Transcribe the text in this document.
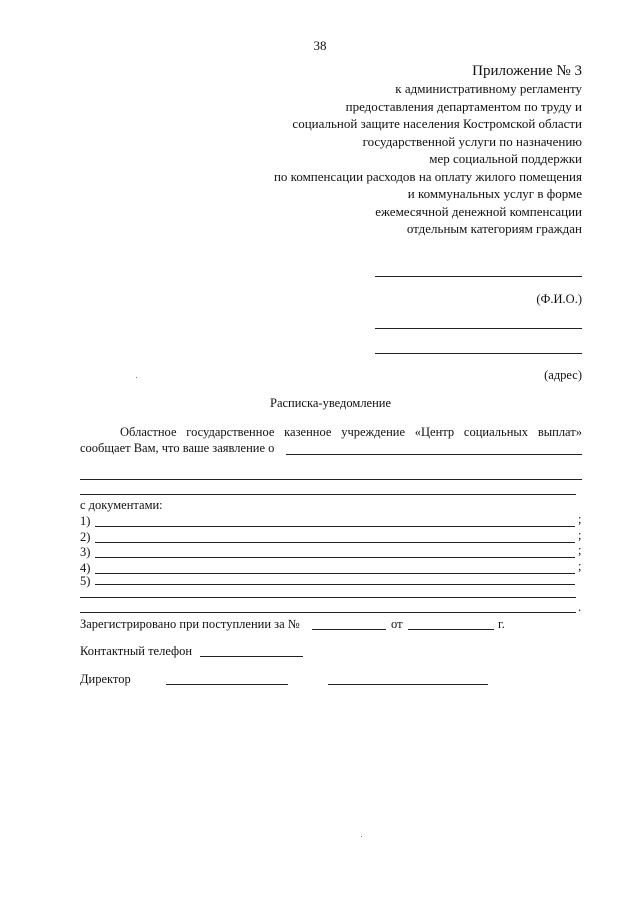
38
Приложение № 3
к административному регламенту
предоставления департаментом по труду и
социальной защите населения Костромской области
государственной услуги по назначению
мер социальной поддержки
по компенсации расходов на оплату жилого помещения
и коммунальных услуг в форме
ежемесячной денежной компенсации
отдельным категориям граждан
(Ф.И.О.)
(адрес)
Расписка-уведомление
Областное государственное казенное учреждение «Центр социальных выплат»
сообщает Вам, что ваше заявление о
с документами:
1)	;
2)	;
3)	;
4)	;
5)
.
Зарегистрировано при поступлении за №	от	г.
Контактный телефон
Директор
